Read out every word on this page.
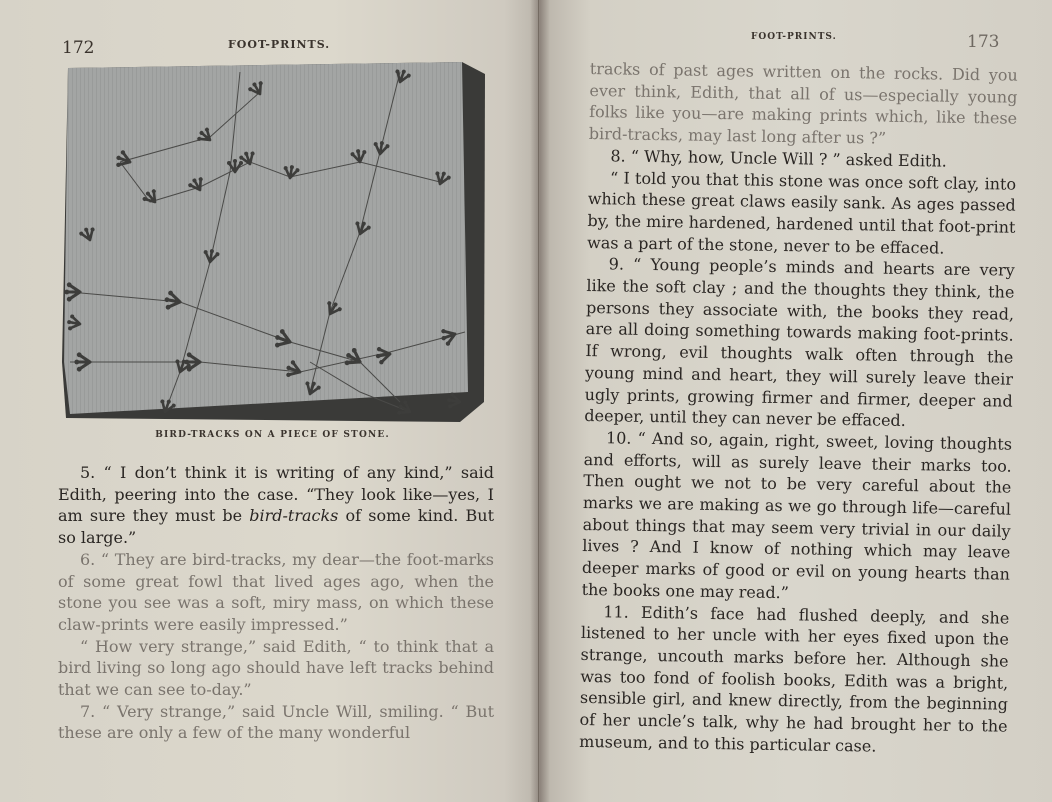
172	FOOT-PRINTS.
BIRD-TRACKS ON A PIECE OF STONE.

5. “ I don’t think it is writing of any kind,” said Edith, peering into the case. “They look like—yes, I am sure they must be bird-tracks of some kind. But so large.”

6. “ They are bird-tracks, my dear—the foot-marks of some great fowl that lived ages ago, when the stone you see was a soft, miry mass, on which these claw-prints were easily impressed.”

“ How very strange,” said Edith, “ to think that a bird living so long ago should have left tracks behind that we can see to-day.”

7. “ Very strange,” said Uncle Will, smiling. “ But these are only a few of the many wonderful

FOOT-PRINTS.	173

tracks of past ages written on the rocks. Did you ever think, Edith, that all of us—especially young folks like you—are making prints which, like these bird-tracks, may last long after us ?”

8. “ Why, how, Uncle Will ? ” asked Edith.

“ I told you that this stone was once soft clay, into which these great claws easily sank. As ages passed by, the mire hardened, hardened until that foot-print was a part of the stone, never to be effaced.

9. “ Young people’s minds and hearts are very like the soft clay ; and the thoughts they think, the persons they associate with, the books they read, are all doing something towards making foot-prints. If wrong, evil thoughts walk often through the young mind and heart, they will surely leave their ugly prints, growing firmer and firmer, deeper and deeper, until they can never be effaced.

10. “ And so, again, right, sweet, loving thoughts and efforts, will as surely leave their marks too. Then ought we not to be very careful about the marks we are making as we go through life—careful about things that may seem very trivial in our daily lives ? And I know of nothing which may leave deeper marks of good or evil on young hearts than the books one may read.”

11. Edith’s face had flushed deeply, and she listened to her uncle with her eyes fixed upon the strange, uncouth marks before her. Although she was too fond of foolish books, Edith was a bright, sensible girl, and knew directly, from the beginning of her uncle’s talk, why he had brought her to the museum, and to this particular case.
